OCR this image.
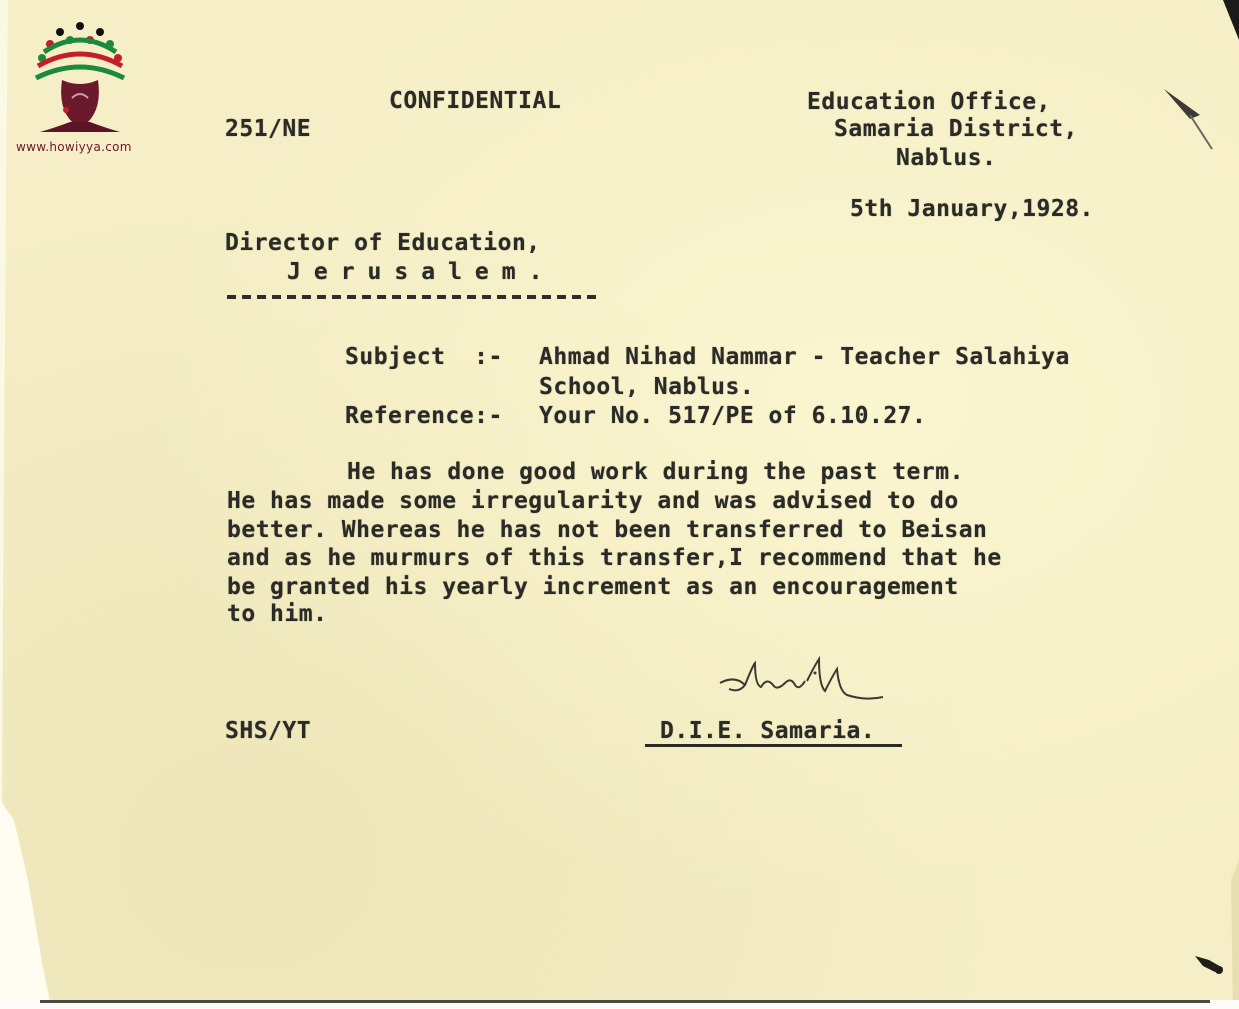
www.howiyya.com
CONFIDENTIAL
251/NE
Education Office,
Samaria District,
Nablus.
5th January,1928.
Director of Education,
Jerusalem.
Subject  :- Ahmad Nihad Nammar - Teacher Salahiya
School, Nablus.
Reference:- Your No. 517/PE of 6.10.27.
He has done good work during the past term.
He has made some irregularity and was advised to do
better. Whereas he has not been transferred to Beisan
and as he murmurs of this transfer,I recommend that he
be granted his yearly increment as an encouragement
to him.
SHS/YT	D.I.E. Samaria.
